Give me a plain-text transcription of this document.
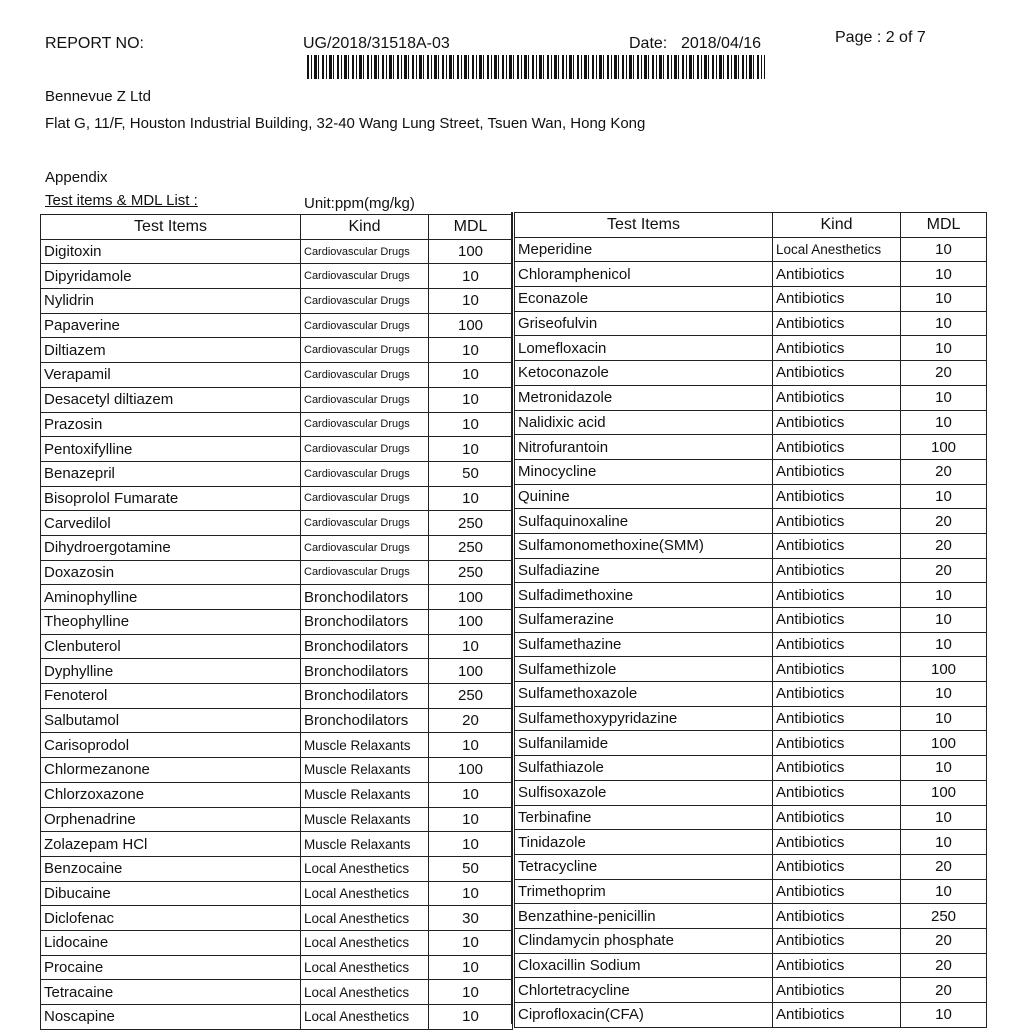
REPORT NO:	UG/2018/31518A-03	Date: 2018/04/16	Page : 2 of 7
Bennevue Z Ltd
Flat G, 11/F, Houston Industrial Building, 32-40 Wang Lung Street, Tsuen Wan, Hong Kong
Appendix
Test items & MDL List :	Unit:ppm(mg/kg)
Test Items	Kind	MDL
Digitoxin	Cardiovascular Drugs	100
Dipyridamole	Cardiovascular Drugs	10
Nylidrin	Cardiovascular Drugs	10
Papaverine	Cardiovascular Drugs	100
Diltiazem	Cardiovascular Drugs	10
Verapamil	Cardiovascular Drugs	10
Desacetyl diltiazem	Cardiovascular Drugs	10
Prazosin	Cardiovascular Drugs	10
Pentoxifylline	Cardiovascular Drugs	10
Benazepril	Cardiovascular Drugs	50
Bisoprolol Fumarate	Cardiovascular Drugs	10
Carvedilol	Cardiovascular Drugs	250
Dihydroergotamine	Cardiovascular Drugs	250
Doxazosin	Cardiovascular Drugs	250
Aminophylline	Bronchodilators	100
Theophylline	Bronchodilators	100
Clenbuterol	Bronchodilators	10
Dyphylline	Bronchodilators	100
Fenoterol	Bronchodilators	250
Salbutamol	Bronchodilators	20
Carisoprodol	Muscle Relaxants	10
Chlormezanone	Muscle Relaxants	100
Chlorzoxazone	Muscle Relaxants	10
Orphenadrine	Muscle Relaxants	10
Zolazepam HCl	Muscle Relaxants	10
Benzocaine	Local Anesthetics	50
Dibucaine	Local Anesthetics	10
Diclofenac	Local Anesthetics	30
Lidocaine	Local Anesthetics	10
Procaine	Local Anesthetics	10
Tetracaine	Local Anesthetics	10
Noscapine	Local Anesthetics	10
Test Items	Kind	MDL
Meperidine	Local Anesthetics	10
Chloramphenicol	Antibiotics	10
Econazole	Antibiotics	10
Griseofulvin	Antibiotics	10
Lomefloxacin	Antibiotics	10
Ketoconazole	Antibiotics	20
Metronidazole	Antibiotics	10
Nalidixic acid	Antibiotics	10
Nitrofurantoin	Antibiotics	100
Minocycline	Antibiotics	20
Quinine	Antibiotics	10
Sulfaquinoxaline	Antibiotics	20
Sulfamonomethoxine(SMM)	Antibiotics	20
Sulfadiazine	Antibiotics	20
Sulfadimethoxine	Antibiotics	10
Sulfamerazine	Antibiotics	10
Sulfamethazine	Antibiotics	10
Sulfamethizole	Antibiotics	100
Sulfamethoxazole	Antibiotics	10
Sulfamethoxypyridazine	Antibiotics	10
Sulfanilamide	Antibiotics	100
Sulfathiazole	Antibiotics	10
Sulfisoxazole	Antibiotics	100
Terbinafine	Antibiotics	10
Tinidazole	Antibiotics	10
Tetracycline	Antibiotics	20
Trimethoprim	Antibiotics	10
Benzathine-penicillin	Antibiotics	250
Clindamycin phosphate	Antibiotics	20
Cloxacillin Sodium	Antibiotics	20
Chlortetracycline	Antibiotics	20
Ciprofloxacin(CFA)	Antibiotics	10
